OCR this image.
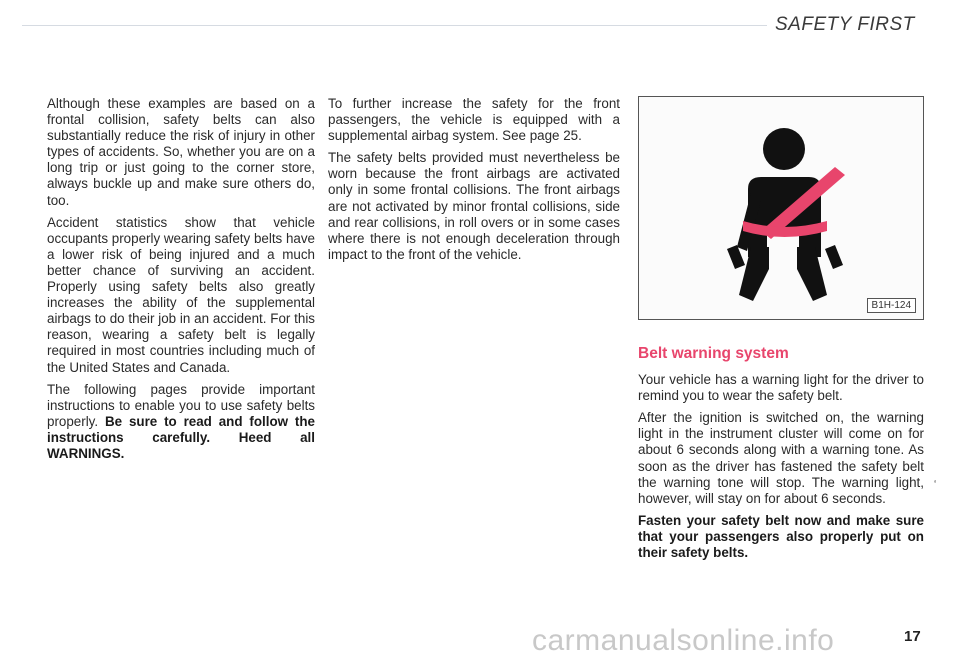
SAFETY FIRST

Although these examples are based on a frontal collision, safety belts can also substantially reduce the risk of injury in other types of accidents. So, whether you are on a long trip or just going to the corner store, always buckle up and make sure others do, too.

Accident statistics show that vehicle occupants properly wearing safety belts have a lower risk of being injured and a much better chance of surviving an accident. Properly using safety belts also greatly increases the ability of the supplemental airbags to do their job in an accident. For this reason, wearing a safety belt is legally required in most countries including much of the United States and Canada.

The following pages provide important instructions to enable you to use safety belts properly. Be sure to read and follow the instructions carefully. Heed all WARNINGS.

To further increase the safety for the front passengers, the vehicle is equipped with a supplemental airbag system. See page 25.

The safety belts provided must nevertheless be worn because the front airbags are activated only in some frontal collisions. The front airbags are not activated by minor frontal collisions, side and rear collisions, in roll overs or in some cases where there is not enough deceleration through impact to the front of the vehicle.

B1H-124
Belt warning system

Your vehicle has a warning light for the driver to remind you to wear the safety belt.

After the ignition is switched on, the warning light in the instrument cluster will come on for about 6 seconds along with a warning tone. As soon as the driver has fastened the safety belt the warning tone will stop. The warning light, however, will stay on for about 6 seconds.

Fasten your safety belt now and make sure that your passengers also properly put on their safety belts.

‘
carmanualsonline.info	17
